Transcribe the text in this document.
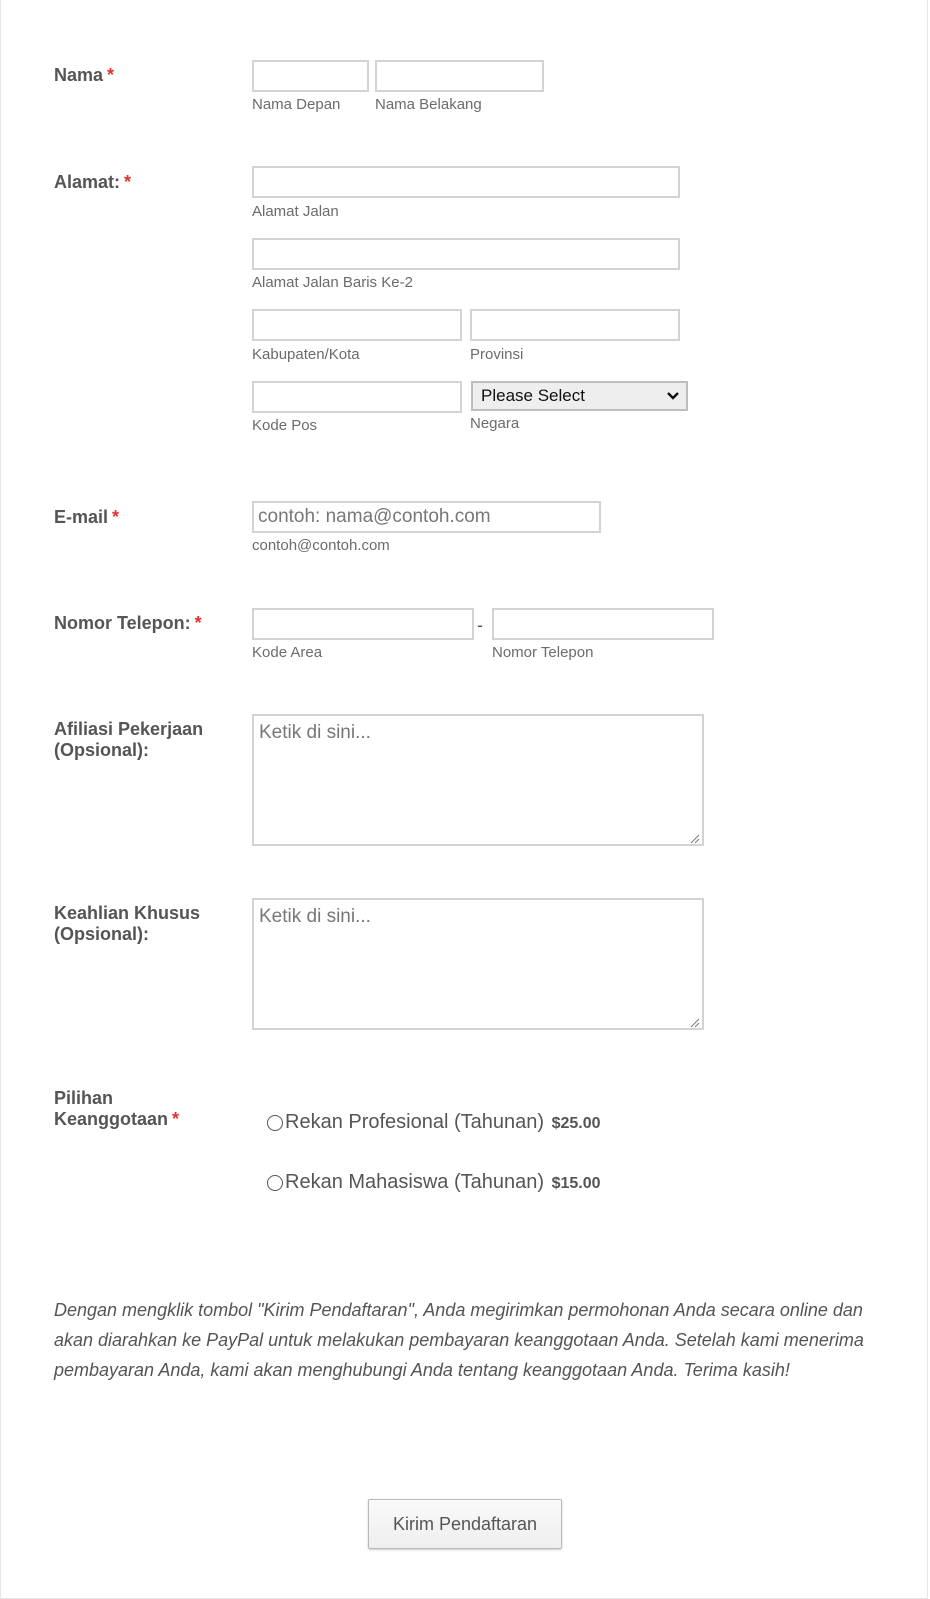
Nama *
Nama Depan Nama Belakang
Alamat: *
Alamat Jalan
Alamat Jalan Baris Ke-2
Kabupaten/Kota	Provinsi
Please Select
Kode Pos	Negara
E-mail *
contoh: nama@contoh.com
contoh@contoh.com
Nomor Telepon: *	-
Kode Area	Nomor Telepon
Afiliasi Pekerjaan
(Opsional):
Ketik di sini...
Keahlian Khusus
(Opsional):
Ketik di sini...
Pilihan
Keanggotaan *	Rekan Profesional (Tahunan) $25.00
Rekan Mahasiswa (Tahunan) $15.00
Dengan mengklik tombol "Kirim Pendaftaran", Anda megirimkan permohonan Anda secara online dan akan diarahkan ke PayPal untuk melakukan pembayaran keanggotaan Anda. Setelah kami menerima pembayaran Anda, kami akan menghubungi Anda tentang keanggotaan Anda. Terima kasih!
Kirim Pendaftaran
